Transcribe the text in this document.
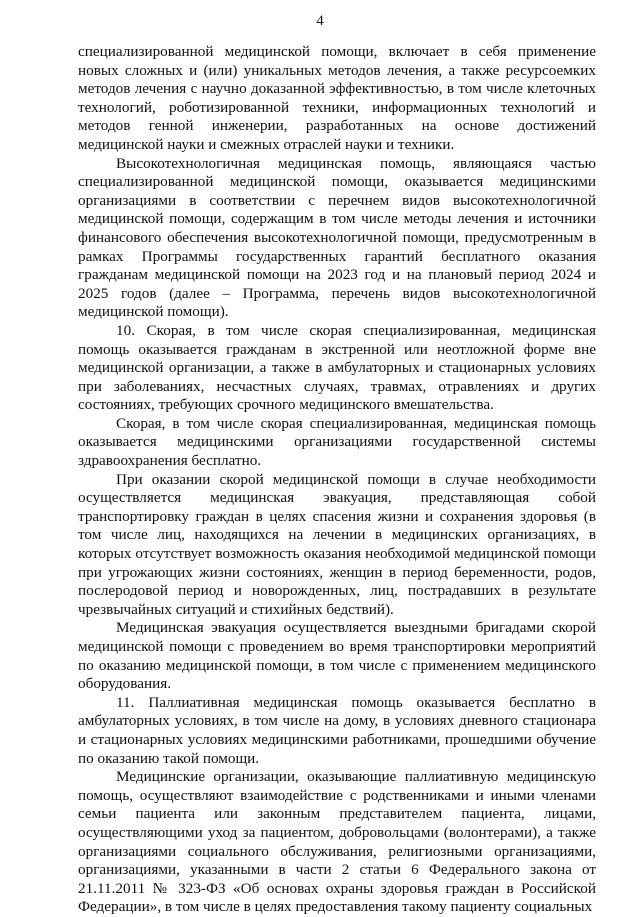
4

специализированной медицинской помощи, включает в себя применение новых сложных и (или) уникальных методов лечения, а также ресурсоемких методов лечения с научно доказанной эффективностью, в том числе клеточных технологий, роботизированной техники, информационных технологий и методов генной инженерии, разработанных на основе достижений медицинской науки и смежных отраслей науки и техники.

Высокотехнологичная медицинская помощь, являющаяся частью специализированной медицинской помощи, оказывается медицинскими организациями в соответствии с перечнем видов высокотехнологичной медицинской помощи, содержащим в том числе методы лечения и источники финансового обеспечения высокотехнологичной помощи, предусмотренным в рамках Программы государственных гарантий бесплатного оказания гражданам медицинской помощи на 2023 год и на плановый период 2024 и 2025 годов (далее – Программа, перечень видов высокотехнологичной медицинской помощи).

10. Скорая, в том числе скорая специализированная, медицинская помощь оказывается гражданам в экстренной или неотложной форме вне медицинской организации, а также в амбулаторных и стационарных условиях при заболеваниях, несчастных случаях, травмах, отравлениях и других состояниях, требующих срочного медицинского вмешательства.

Скорая, в том числе скорая специализированная, медицинская помощь оказывается медицинскими организациями государственной системы здравоохранения бесплатно.

При оказании скорой медицинской помощи в случае необходимости осуществляется медицинская эвакуация, представляющая собой транспортировку граждан в целях спасения жизни и сохранения здоровья (в том числе лиц, находящихся на лечении в медицинских организациях, в которых отсутствует возможность оказания необходимой медицинской помощи при угрожающих жизни состояниях, женщин в период беременности, родов, послеродовой период и новорожденных, лиц, пострадавших в результате чрезвычайных ситуаций и стихийных бедствий).

Медицинская эвакуация осуществляется выездными бригадами скорой медицинской помощи с проведением во время транспортировки мероприятий по оказанию медицинской помощи, в том числе с применением медицинского оборудования.

11. Паллиативная медицинская помощь оказывается бесплатно в амбулаторных условиях, в том числе на дому, в условиях дневного стационара и стационарных условиях медицинскими работниками, прошедшими обучение по оказанию такой помощи.

Медицинские организации, оказывающие паллиативную медицинскую помощь, осуществляют взаимодействие с родственниками и иными членами семьи пациента или законным представителем пациента, лицами, осуществляющими уход за пациентом, добровольцами (волонтерами), а также организациями социального обслуживания, религиозными организациями, организациями, указанными в части 2 статьи 6 Федерального закона от 21.11.2011 № 323-ФЗ «Об основах охраны здоровья граждан в Российской Федерации», в том числе в целях предоставления такому пациенту социальных
